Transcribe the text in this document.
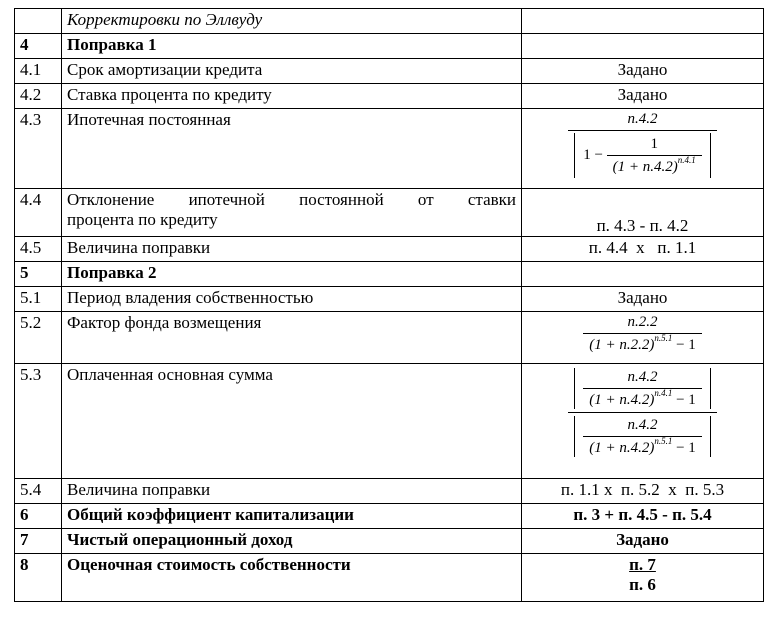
	Корректировки по Эллвуду	
4	Поправка 1	
4.1	Срок амортизации кредита	Задано
4.2	Ставка процента по кредиту	Задано
4.3	Ипотечная постоянная	n.4.2
$1 - \frac{1}{(1 + n.4.2)^{n.4.1}}$

4.4	Отклонение ипотечной постоянной от ставки
процента по кредиту	п. 4.3 - п. 4.2
4.5	Величина поправки	п. 4.4  х   п. 1.1
5	Поправка 2	
5.1	Период владения собственностью	Задано
5.2	Фактор фонда возмещения	$\frac{n.2.2}{(1 + n.2.2)^{n.5.1} - 1}$

5.3	Оплаченная основная сумма	$\frac{\frac{n.4.2}{(1 + n.4.2)^{n.4.1} - 1}}{\frac{n.4.2}{(1 + n.4.2)^{n.5.1} - 1}}$

5.4	Величина поправки	п. 1.1 х  п. 5.2  х  п. 5.3
6	Общий коэффициент капитализации	п. 3 + п. 4.5 - п. 5.4
7	Чистый операционный доход	Задано
8	Оценочная стоимость собственности	п. 7
п. 6
